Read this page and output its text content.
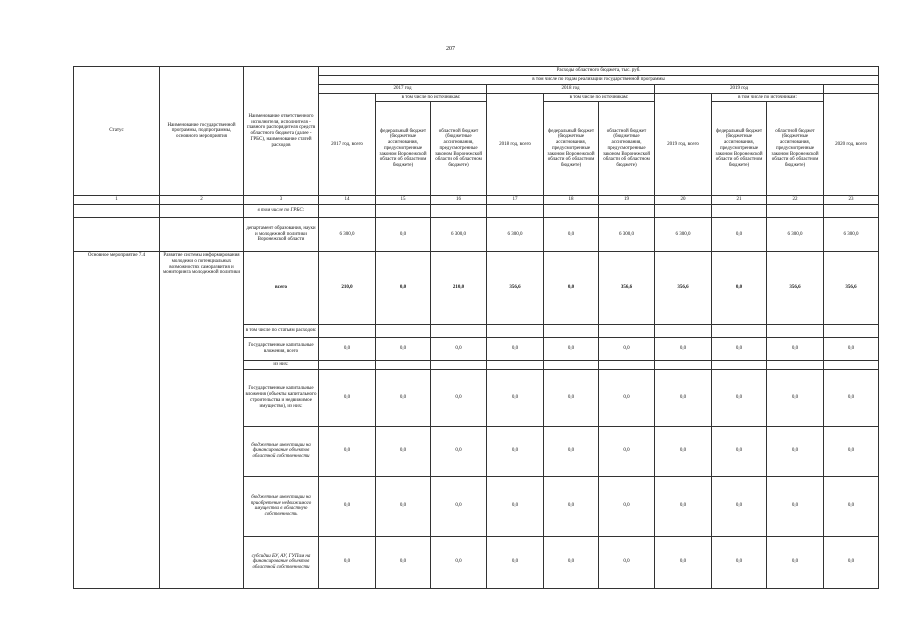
207
Статус	Наименование государственной программы, подпрограммы, основного мероприятия	Наименование ответственного исполнителя, исполнителя - главного распорядителя средств областного бюджета (далее - ГРБС), наименование статей расходов	Расходы областного бюджета, тыс. руб.									
			в том числе по годам реализации государственной программы									
			2017 год			2018 год			2019 год			
			2017 год, всего	в том числе по источникам:		2018 год, всего	в том числе по источникам:		2019 год, всего	в том числе по источникам:		2020 год, всего
				федеральный бюджет (бюджетные ассигнования, предусмотренные законом Воронежской области об областном бюджете)	областной бюджет (бюджетные ассигнования, предусмотренные законом Воронежской области об областном бюджете)		федеральный бюджет (бюджетные ассигнования, предусмотренные законом Воронежской области об областном бюджете)	областной бюджет (бюджетные ассигнования, предусмотренные законом Воронежской области об областном бюджете)		федеральный бюджет (бюджетные ассигнования, предусмотренные законом Воронежской области об областном бюджете)	областной бюджет (бюджетные ассигнования, предусмотренные законом Воронежской области об областном бюджете)	
1	2	3	14	15	16	17	18	19	20	21	22	23
		в том числе по ГРБС:										
		департамент образования, науки и молодежной политики Воронежской области	6 300,0	0,0	6 300,0	6 300,0	0,0	6 300,0	6 300,0	0,0	6 300,0	6 300,0
Основное мероприятие 7.4	Развитие системы информирования молодежи о потенциальных возможностях саморазвития и мониторинга молодежной политики	всего	210,0	0,0	210,0	356,6	0,0	356,6	356,6	0,0	356,6	356,6
		в том числе по статьям расходов:										
		Государственные капитальные вложения, всего	0,0	0,0	0,0	0,0	0,0	0,0	0,0	0,0	0,0	0,0
		из них:										
		Государственные капитальные вложения (объекты капитального строительства и недвижимое имущество), из них:	0,0	0,0	0,0	0,0	0,0	0,0	0,0	0,0	0,0	0,0
		бюджетные инвестиции на финансирование объектов областной собственности	0,0	0,0	0,0	0,0	0,0	0,0	0,0	0,0	0,0	0,0
		бюджетные инвестиции на приобретение недвижимого имущества в областную собственность	0,0	0,0	0,0	0,0	0,0	0,0	0,0	0,0	0,0	0,0
		субсидии БУ, АУ, ГУПам на финансирование объектов областной собственности	0,0	0,0	0,0	0,0	0,0	0,0	0,0	0,0	0,0	0,0
